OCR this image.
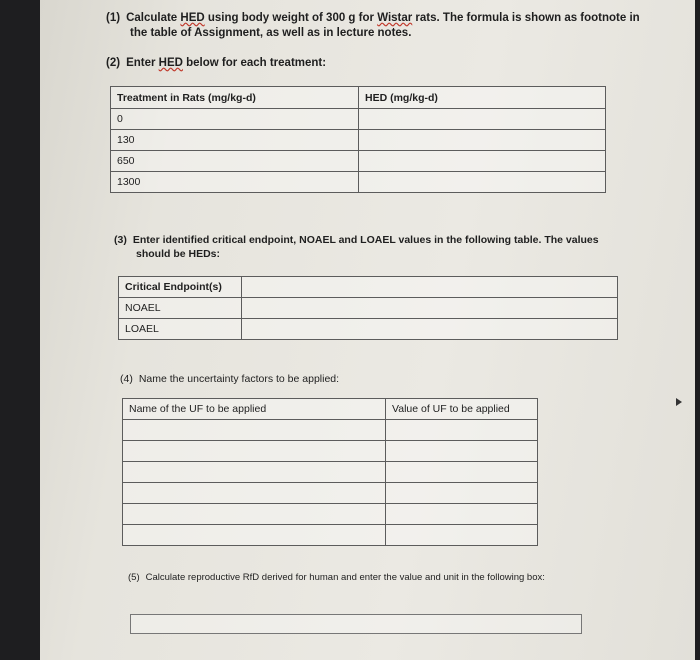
(1) Calculate HED using body weight of 300 g for Wistar rats. The formula is shown as footnote in
the table of Assignment, as well as in lecture notes.
(2) Enter HED below for each treatment:
Treatment in Rats (mg/kg-d)	HED (mg/kg-d)
0	
130	
650	
1300	
(3) Enter identified critical endpoint, NOAEL and LOAEL values in the following table. The values
should be HEDs:
Critical Endpoint(s)	
NOAEL	
LOAEL	
(4) Name the uncertainty factors to be applied:
Name of the UF to be applied	Value of UF to be applied

(5) Calculate reproductive RfD derived for human and enter the value and unit in the following box:
